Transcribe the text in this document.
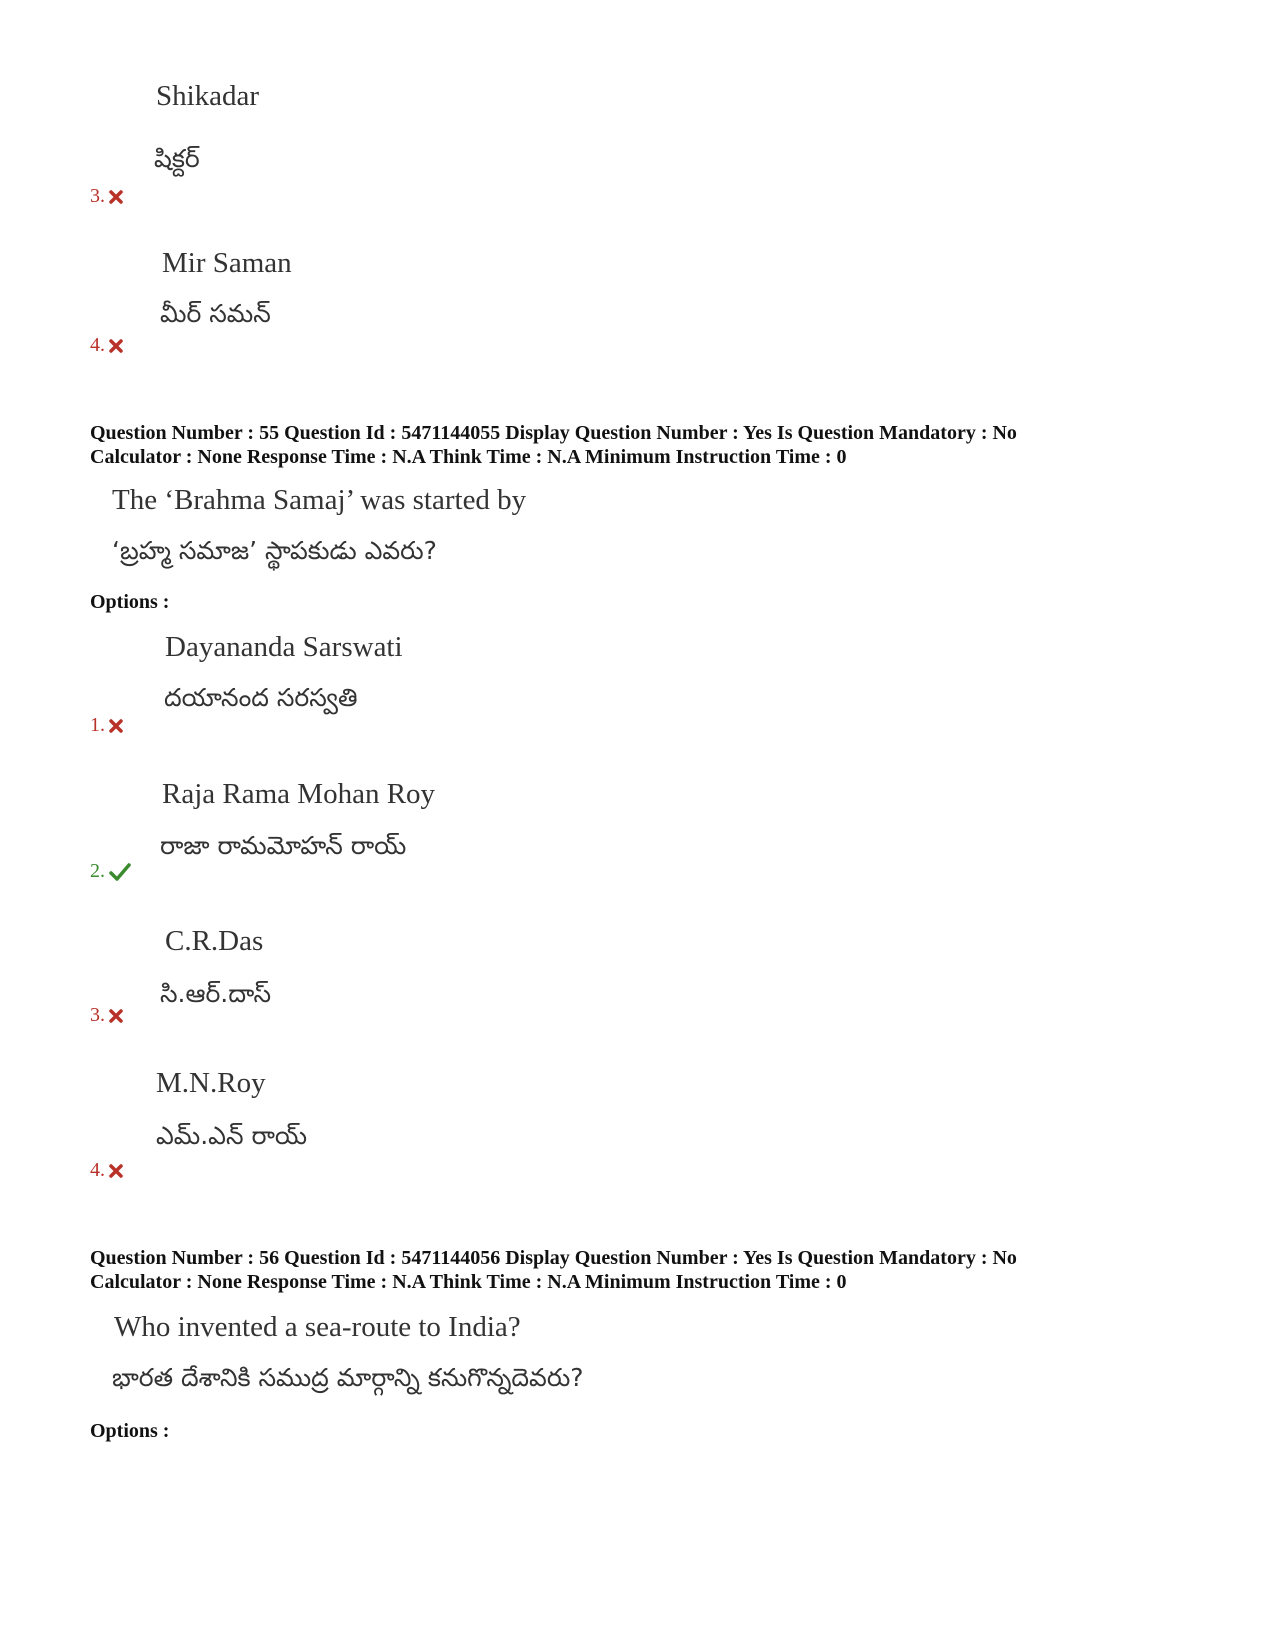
Shikadar
షిక్దర్
3.
Mir Saman
మీర్ సమన్
4.
Question Number : 55 Question Id : 5471144055 Display Question Number : Yes Is Question Mandatory : No
Calculator : None Response Time : N.A Think Time : N.A Minimum Instruction Time : 0
The ‘Brahma Samaj’ was started by
‘బ్రహ్మ సమాజ’ స్థాపకుడు ఎవరు?
Options :
Dayananda Sarswati
దయానంద సరస్వతి
1.
Raja Rama Mohan Roy
రాజా రామమోహన్ రాయ్
2.
C.R.Das
సి.ఆర్.దాస్
3.
M.N.Roy
ఎమ్.ఎన్ రాయ్
4.
Question Number : 56 Question Id : 5471144056 Display Question Number : Yes Is Question Mandatory : No
Calculator : None Response Time : N.A Think Time : N.A Minimum Instruction Time : 0
Who invented a sea-route to India?
భారత దేశానికి సముద్ర మార్గాన్ని కనుగొన్నదెవరు?
Options :
